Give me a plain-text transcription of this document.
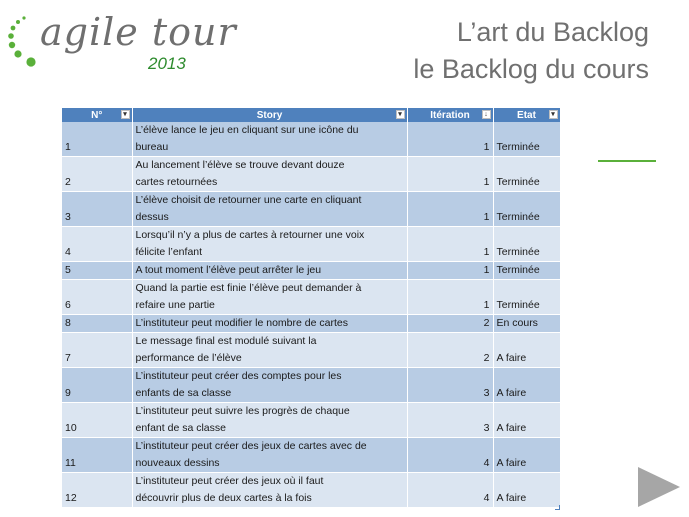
agile tour
2013
L’art du Backlog
le Backlog du cours
N° ▾	Story ▾	Itération ↓	Etat ▾

1	L’élève lance le jeu en cliquant sur une icône du
bureau	1	Terminée
2	Au lancement l’élève se trouve devant douze
cartes retournées	1	Terminée
3	L’élève choisit de retourner une carte en cliquant
dessus	1	Terminée
4	Lorsqu’il n’y a plus de cartes à retourner une voix
félicite l’enfant	1	Terminée
5	A tout moment l’élève peut arrêter le jeu	1	Terminée
6	Quand la partie est finie l’élève peut demander à
refaire une partie	1	Terminée
8	L’instituteur peut modifier le nombre de cartes	2	En cours
7	Le message final est modulé suivant la
performance de l’élève	2	A faire
9	L’instituteur peut créer des comptes pour les
enfants de sa classe	3	A faire
10	L’instituteur peut suivre les progrès de chaque
enfant de sa classe	3	A faire
11	L’instituteur peut créer des jeux de cartes avec de
nouveaux dessins	4	A faire
12	L’instituteur peut créer des jeux où il faut
découvrir plus de deux cartes à la fois	4	A faire
